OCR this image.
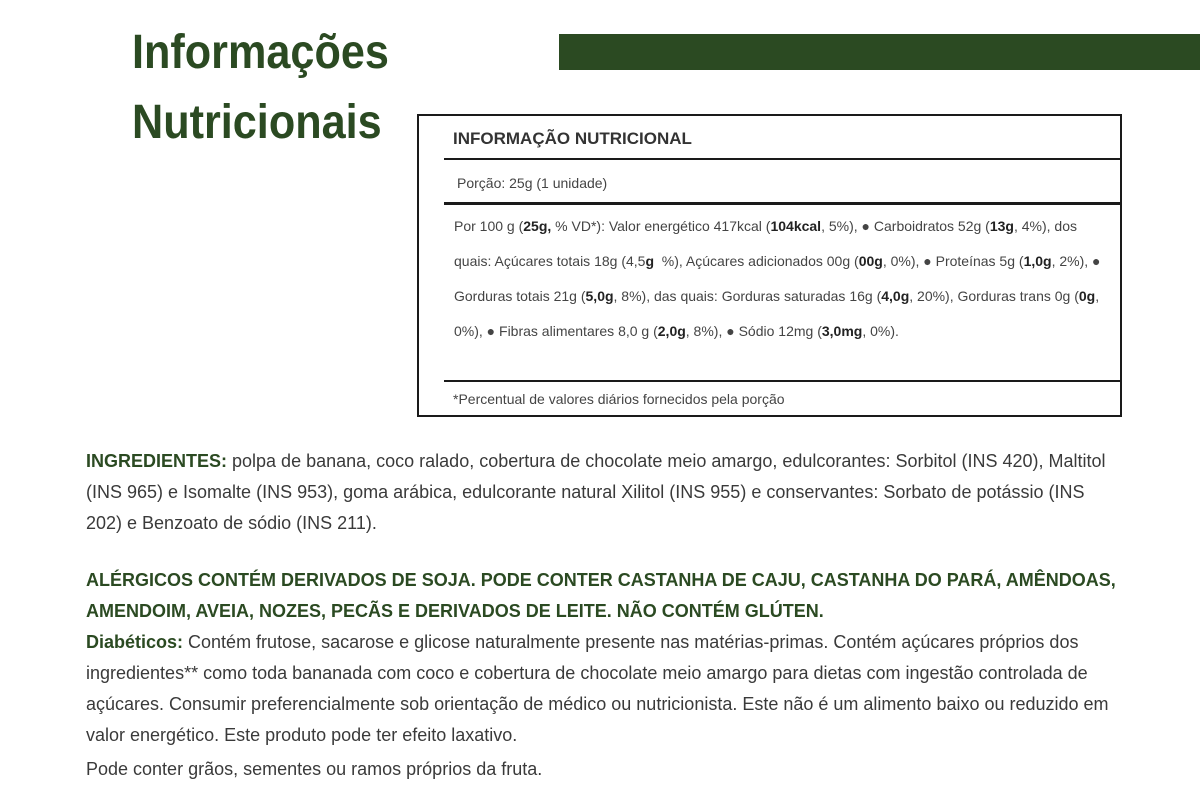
Informações
Nutricionais	INFORMAÇÃO NUTRICIONAL
Porção: 25g (1 unidade)
Por 100 g (25g, % VD*): Valor energético 417kcal (104kcal, 5%), ● Carboidratos 52g (13g, 4%), dos quais: Açúcares totais 18g (4,5g  %), Açúcares adicionados 00g (00g, 0%), ● Proteínas 5g (1,0g, 2%), ● Gorduras totais 21g (5,0g, 8%), das quais: Gorduras saturadas 16g (4,0g, 20%), Gorduras trans 0g (0g, 0%), ● Fibras alimentares 8,0 g (2,0g, 8%), ● Sódio 12mg (3,0mg, 0%).
*Percentual de valores diários fornecidos pela porção
INGREDIENTES: polpa de banana, coco ralado, cobertura de chocolate meio amargo, edulcorantes: Sorbitol (INS 420), Maltitol (INS 965) e Isomalte (INS 953), goma arábica, edulcorante natural Xilitol (INS 955) e conservantes: Sorbato de potássio (INS 202) e Benzoato de sódio (INS 211).
ALÉRGICOS CONTÉM DERIVADOS DE SOJA. PODE CONTER CASTANHA DE CAJU, CASTANHA DO PARÁ, AMÊNDOAS, AMENDOIM, AVEIA, NOZES, PECÃS E DERIVADOS DE LEITE. NÃO CONTÉM GLÚTEN.
Diabéticos: Contém frutose, sacarose e glicose naturalmente presente nas matérias-primas. Contém açúcares próprios dos ingredientes** como toda bananada com coco e cobertura de chocolate meio amargo para dietas com ingestão controlada de açúcares. Consumir preferencialmente sob orientação de médico ou nutricionista. Este não é um alimento baixo ou reduzido em valor energético. Este produto pode ter efeito laxativo.
Pode conter grãos, sementes ou ramos próprios da fruta.
